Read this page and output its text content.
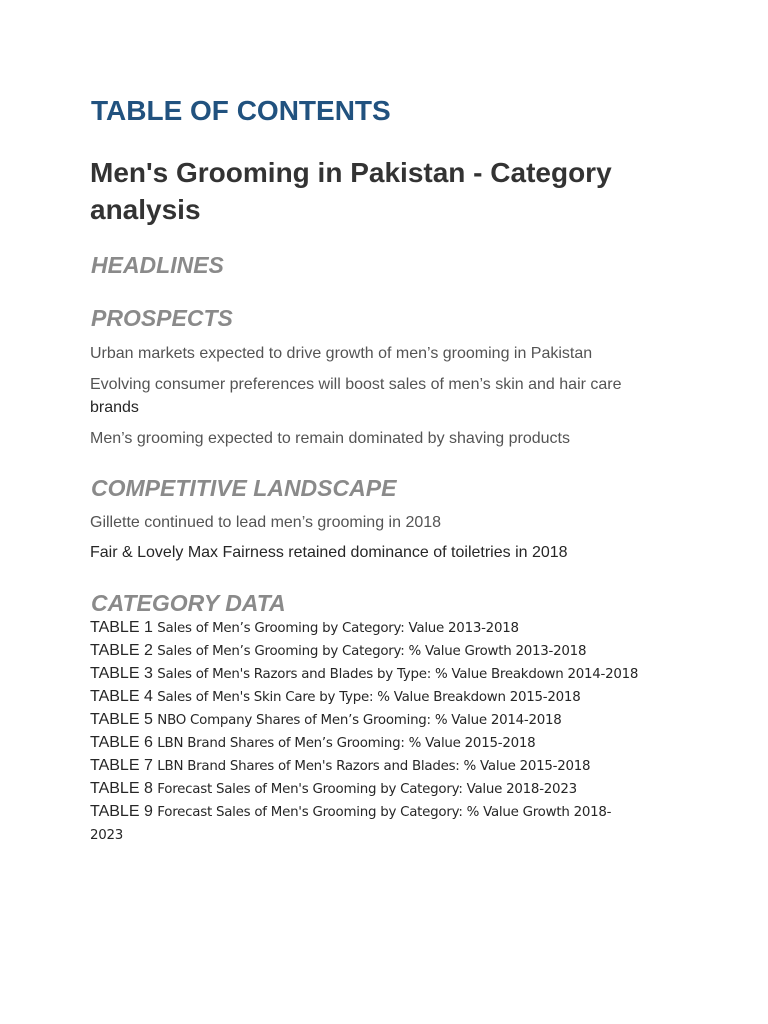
TABLE OF CONTENTS
Men's Grooming in Pakistan - Category analysis
HEADLINES
PROSPECTS
Urban markets expected to drive growth of men’s grooming in Pakistan
Evolving consumer preferences will boost sales of men’s skin and hair care
brands
Men’s grooming expected to remain dominated by shaving products
COMPETITIVE LANDSCAPE
Gillette continued to lead men’s grooming in 2018
Fair & Lovely Max Fairness retained dominance of toiletries in 2018
CATEGORY DATA
TABLE 1 Sales of Men’s Grooming by Category: Value 2013-2018
TABLE 2 Sales of Men’s Grooming by Category: % Value Growth 2013-2018
TABLE 3 Sales of Men's Razors and Blades by Type: % Value Breakdown 2014-2018
TABLE 4 Sales of Men's Skin Care by Type: % Value Breakdown 2015-2018
TABLE 5 NBO Company Shares of Men’s Grooming: % Value 2014-2018
TABLE 6 LBN Brand Shares of Men’s Grooming: % Value 2015-2018
TABLE 7 LBN Brand Shares of Men's Razors and Blades: % Value 2015-2018
TABLE 8 Forecast Sales of Men's Grooming by Category: Value 2018-2023
TABLE 9 Forecast Sales of Men's Grooming by Category: % Value Growth 2018-
2023
